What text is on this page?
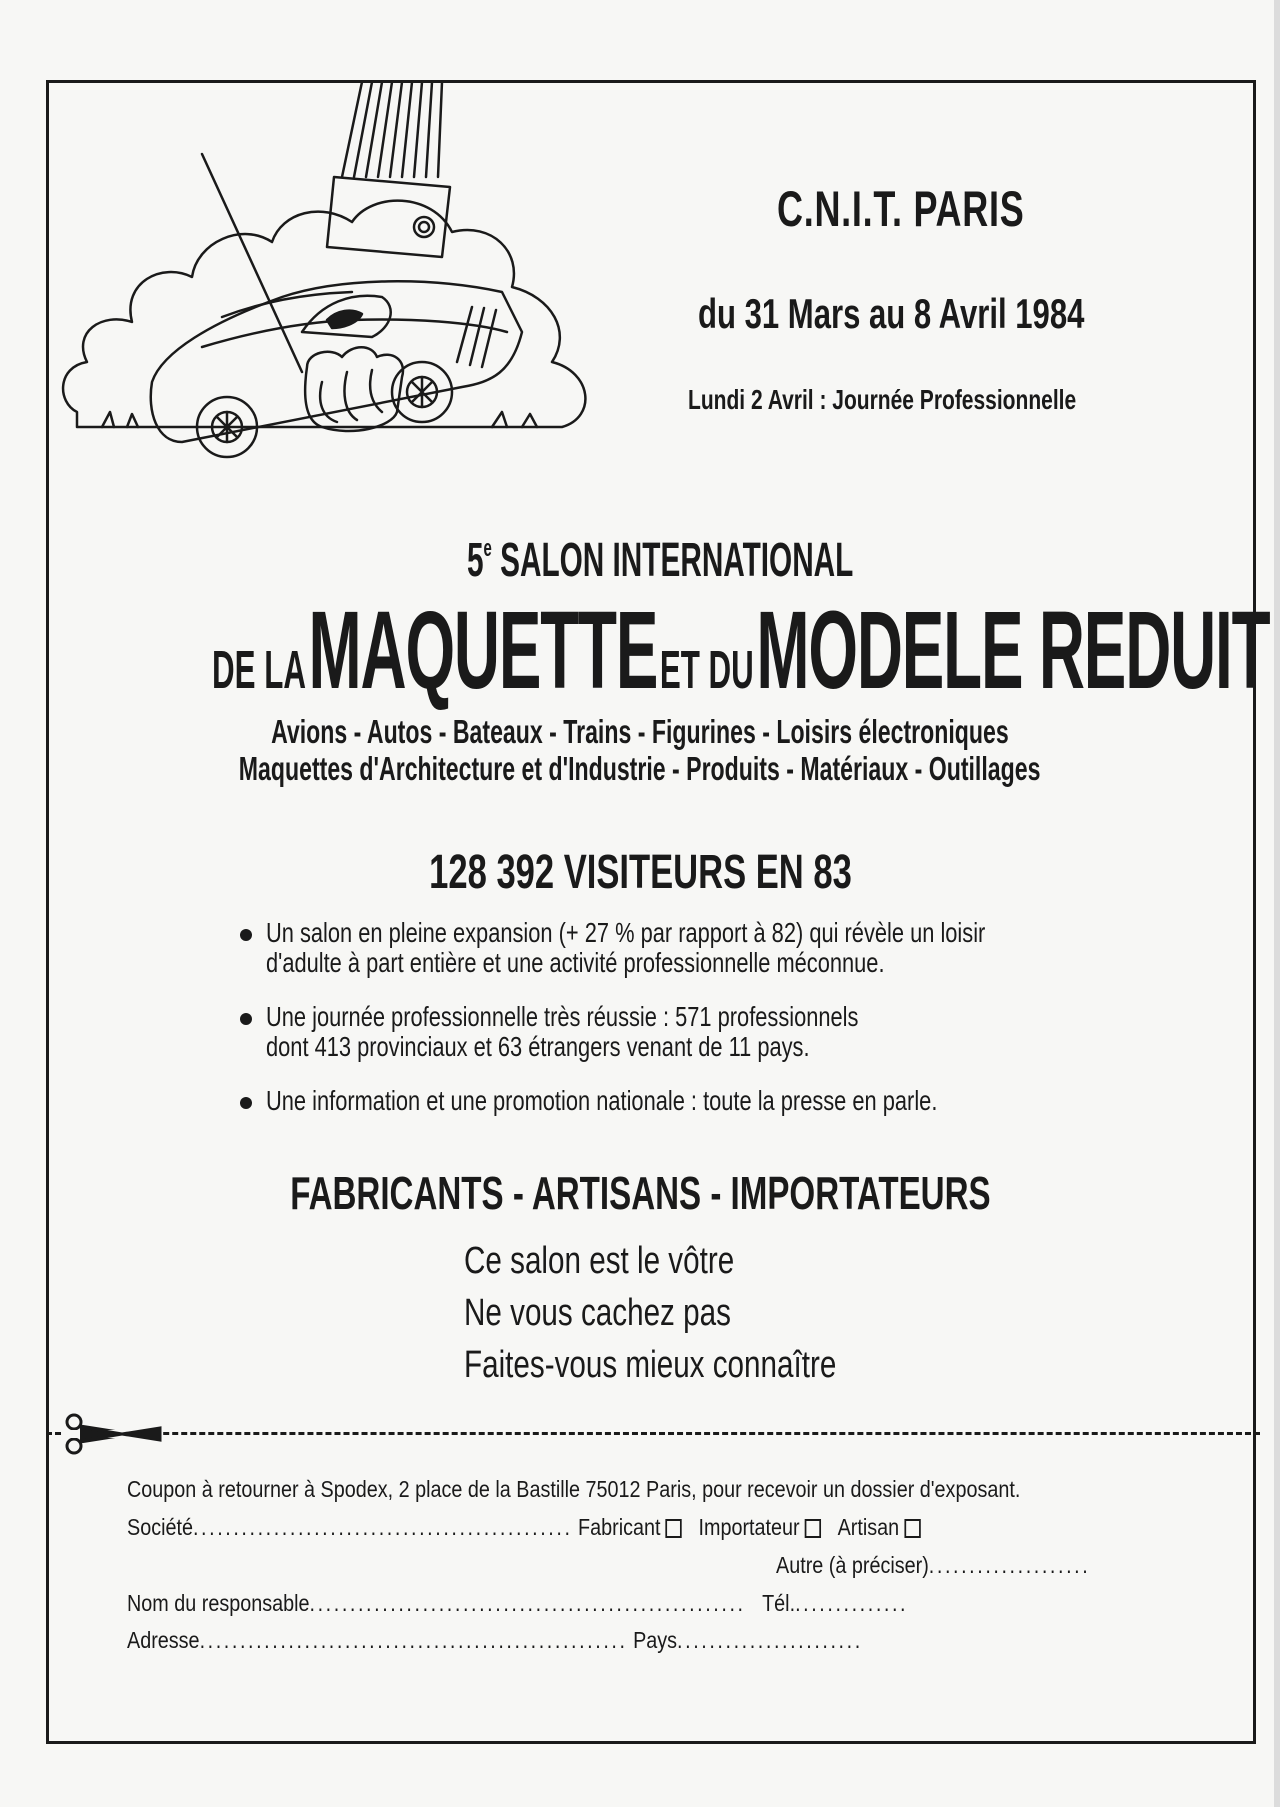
C.N.I.T. PARIS
du 31 Mars au 8 Avril 1984
Lundi 2 Avril : Journée Professionnelle
5e SALON INTERNATIONAL
DE LA MAQUETTE ET DU MODELE REDUIT
Avions - Autos - Bateaux - Trains - Figurines - Loisirs électroniques
Maquettes d'Architecture et d'Industrie - Produits - Matériaux - Outillages
128 392 VISITEURS EN 83
Un salon en pleine expansion (+ 27 % par rapport à 82) qui révèle un loisir
d'adulte à part entière et une activité professionnelle méconnue.
Une journée professionnelle très réussie : 571 professionnels
dont 413 provinciaux et 63 étrangers venant de 11 pays.
Une information et une promotion nationale : toute la presse en parle.
FABRICANTS - ARTISANS - IMPORTATEURS
Ce salon est le vôtre
Ne vous cachez pas
Faites-vous mieux connaître
Coupon à retourner à Spodex, 2 place de la Bastille 75012 Paris, pour recevoir un dossier d'exposant.
Société............................................... Fabricant Importateur Artisan
Autre (à préciser)....................
Nom du responsable...................................................... Tél...............
Adresse..................................................... Pays.......................
